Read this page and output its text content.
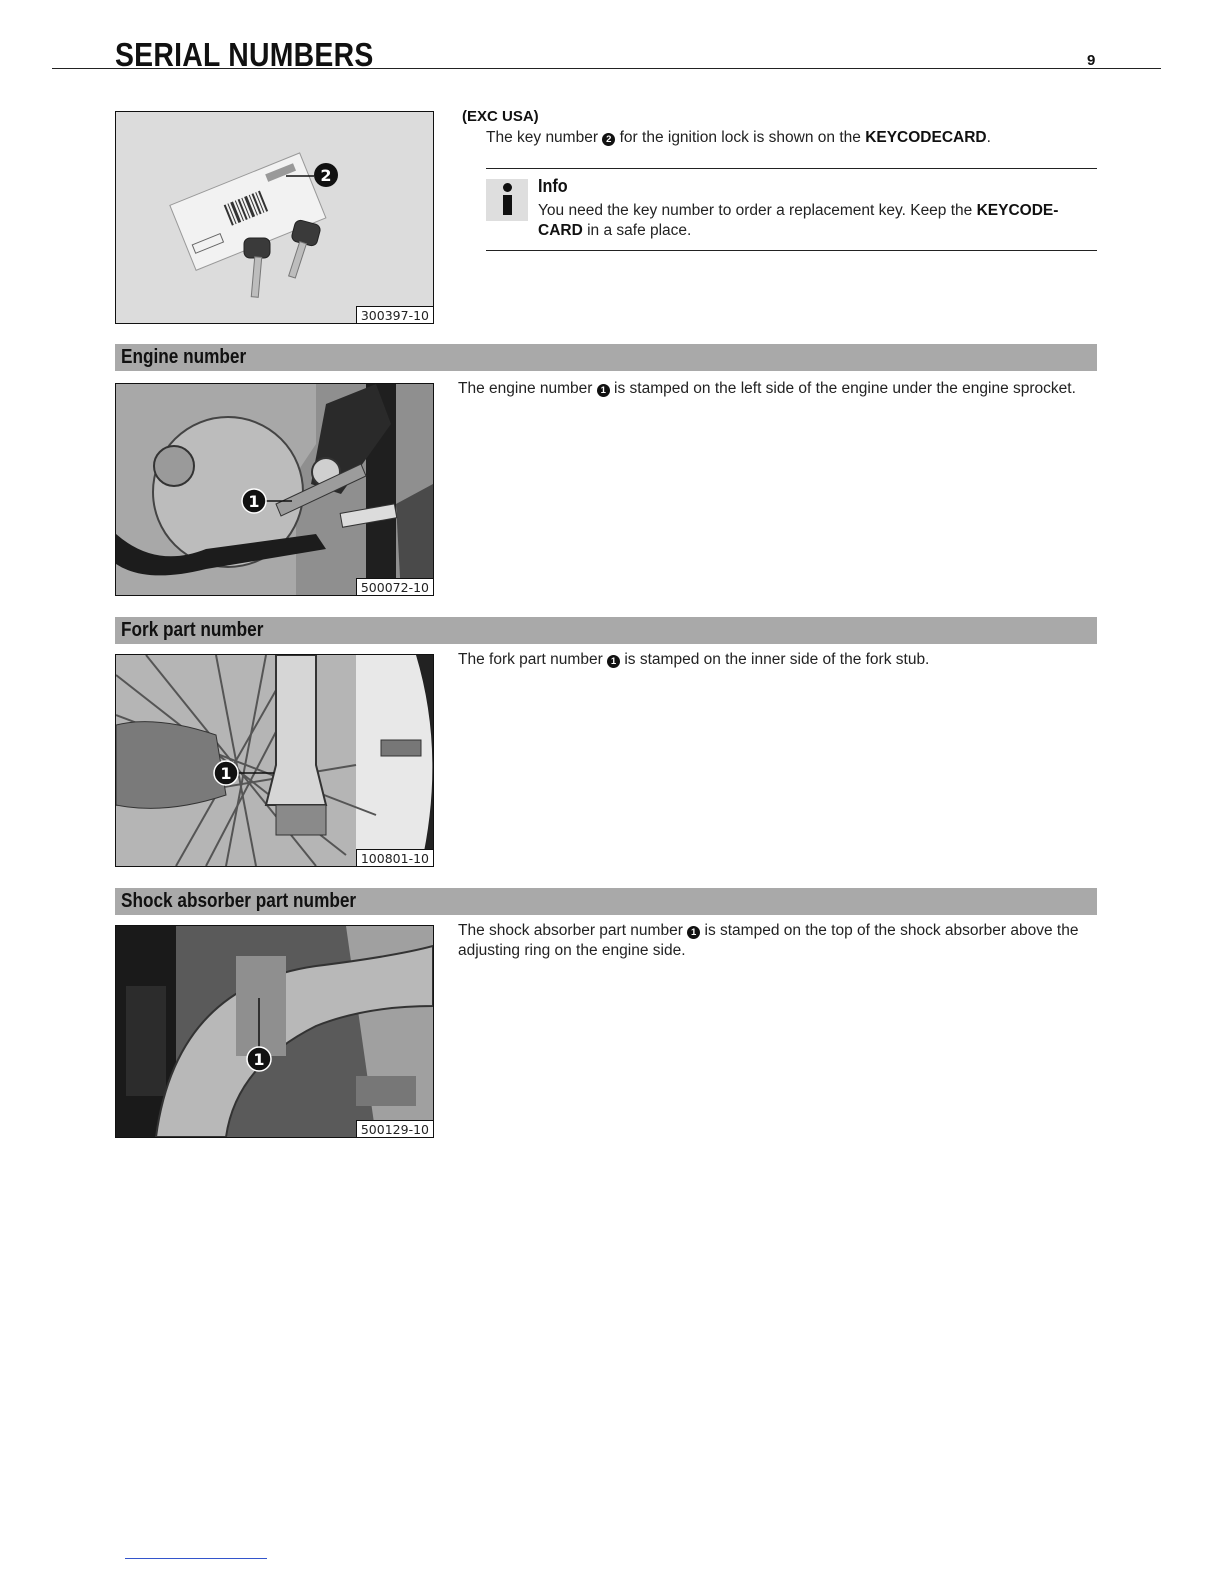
SERIAL NUMBERS	9
2
300397-10
(EXC USA)
The key number 2 for the ignition lock is shown on the KEYCODECARD.
Info
You need the key number to order a replacement key. Keep the KEYCODE-
CARD in a safe place.
Engine number
1
500072-10
The engine number 1 is stamped on the left side of the engine under the engine sprocket.
Fork part number
1
100801-10
The fork part number 1 is stamped on the inner side of the fork stub.
Shock absorber part number
1
500129-10
The shock absorber part number 1 is stamped on the top of the shock absorber above the adjusting ring on the engine side.
